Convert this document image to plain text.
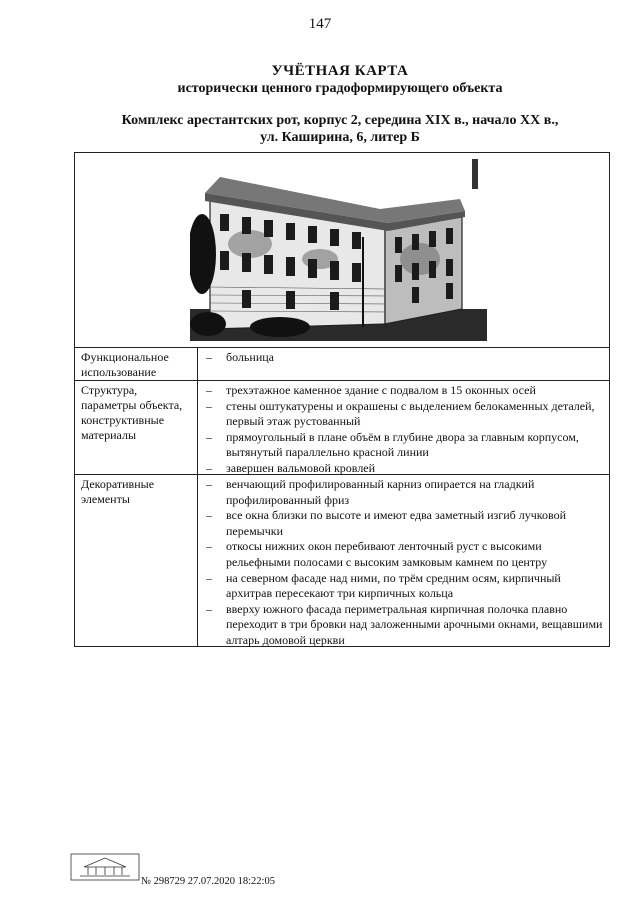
147
УЧЁТНАЯ КАРТА
исторически ценного градоформирующего объекта
Комплекс арестантских рот, корпус 2, середина XIX в., начало XX в.,
ул. Каширина, 6, литер Б
Функциональное использование
– больница
Структура, параметры объекта, конструктивные материалы
– трехэтажное каменное здание с подвалом в 15 оконных осей
– стены оштукатурены и окрашены с выделением белокаменных деталей, первый этаж рустованный
– прямоугольный в плане объём в глубине двора за главным корпусом, вытянутый параллельно красной линии
– завершен вальмовой кровлей
Декоративные элементы
– венчающий профилированный карниз опирается на гладкий профилированный фриз
– все окна близки по высоте и имеют едва заметный изгиб лучковой перемычки
– откосы нижних окон перебивают ленточный руст с высокими рельефными полосами с высоким замковым камнем по центру
– на северном фасаде над ними, по трём средним осям, кирпичный архитрав пересекают три кирпичных кольца
– вверху южного фасада периметральная кирпичная полочка плавно переходит в три бровки над заложенными арочными окнами, вещавшими алтарь домовой церкви
№ 298729 27.07.2020 18:22:05
